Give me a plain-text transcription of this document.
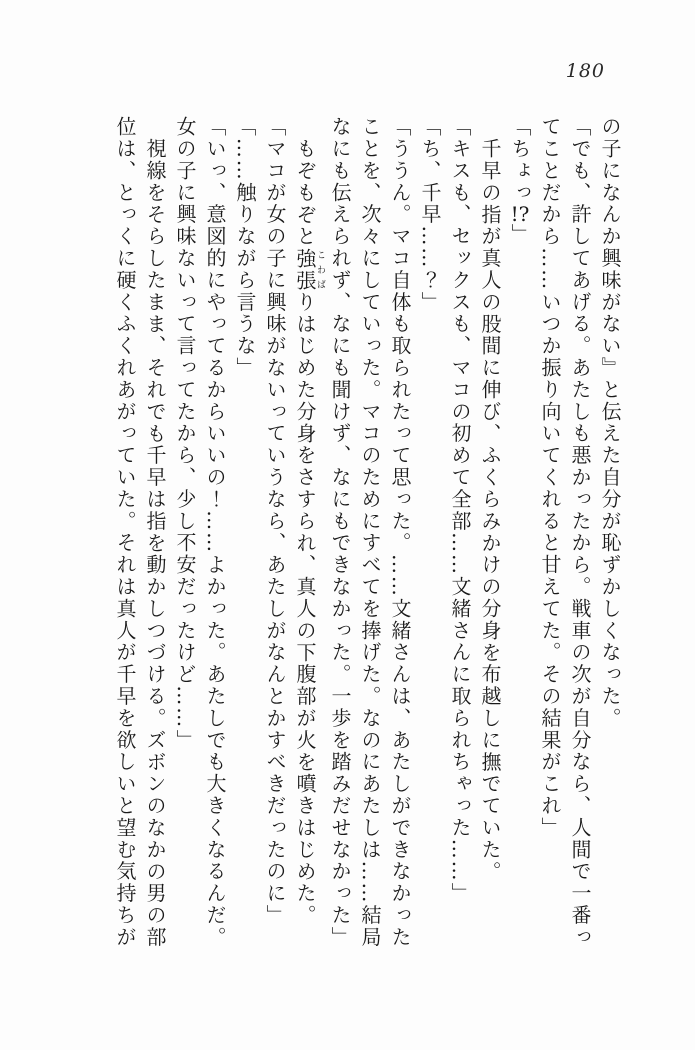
180

の子になんか興味がない』と伝えた自分が恥ずかしくなった。

「でも、許してあげる。あたしも悪かったから。戦車の次が自分なら、人間で一番ってことだから……いつか振り向いてくれると甘えてた。その結果がこれ」

「ちょっ!?」

千早の指が真人の股間に伸び、ふくらみかけの分身を布越しに撫でていた。

「キスも、セックスも、マコの初めて全部……文緒さんに取られちゃった……」

「ち、千早……？」

「ううん。マコ自体も取られたって思った。……文緒さんは、あたしができなかったことを、次々にしていった。マコのためにすべてを捧げた。なのにあたしは……結局なにも伝えられず、なにも聞けず、なにもできなかった。一歩を踏みだせなかった」

もぞもぞと強張こわばりはじめた分身をさすられ、真人の下腹部が火を噴きはじめた。

「マコが女の子に興味がないっていうなら、あたしがなんとかすべきだったのに」

「……触りながら言うな」

「いっ、意図的にやってるからいいの！……よかった。あたしでも大きくなるんだ。女の子に興味ないって言ってたから、少し不安だったけど……」

視線をそらしたまま、それでも千早は指を動かしつづける。ズボンのなかの男の部位は、とっくに硬くふくれあがっていた。それは真人が千早を欲しいと望む気持ちが
